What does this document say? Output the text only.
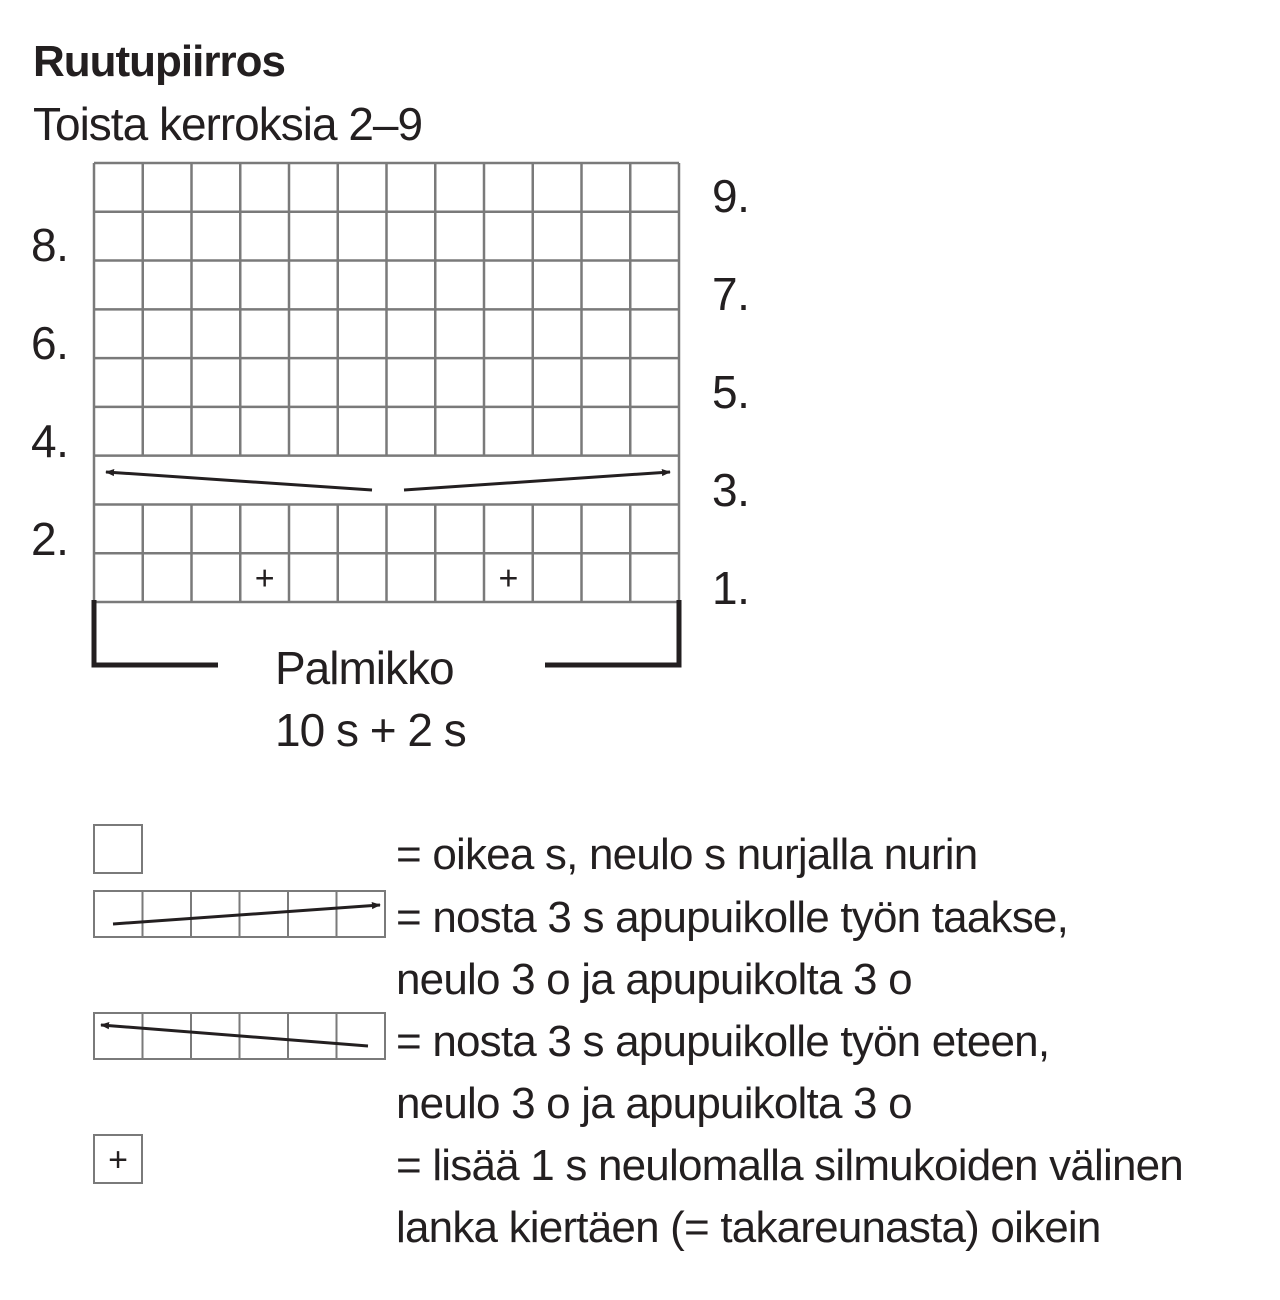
Ruutupiirros
Toista kerroksia 2–9
8.
6.
4.
2.
9.
7.
5.
3.
1.
Palmikko
10 s + 2 s
= oikea s, neulo s nurjalla nurin
= nosta 3 s apupuikolle työn taakse,
neulo 3 o ja apupuikolta 3 o
= nosta 3 s apupuikolle työn eteen,
neulo 3 o ja apupuikolta 3 o
= lisää 1 s neulomalla silmukoiden välinen
lanka kiertäen (= takareunasta) oikein
+	+
+
